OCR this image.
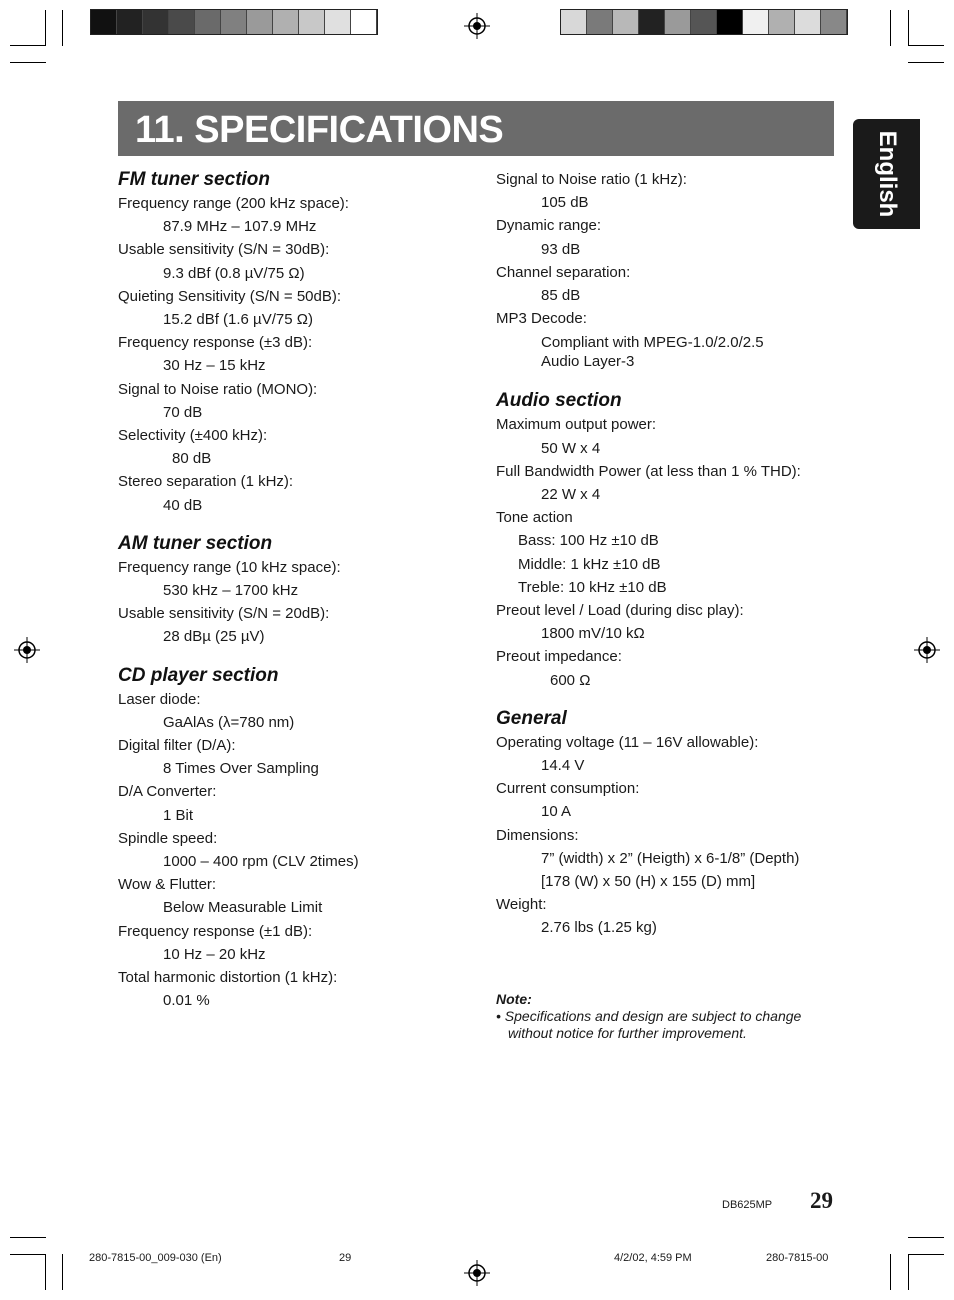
11. SPECIFICATIONS
English
FM tuner section
Frequency range (200 kHz space):
87.9 MHz – 107.9 MHz
Usable sensitivity (S/N = 30dB):
9.3 dBf (0.8 µV/75 Ω)
Quieting Sensitivity (S/N = 50dB):
15.2 dBf (1.6 µV/75 Ω)
Frequency response (±3 dB):
30 Hz – 15 kHz
Signal to Noise ratio (MONO):
70 dB
Selectivity (±400 kHz):
80 dB
Stereo separation (1 kHz):
40 dB
AM tuner section
Frequency range (10 kHz space):
530 kHz – 1700 kHz
Usable sensitivity (S/N = 20dB):
28 dBµ (25 µV)
CD player section
Laser diode:
GaAlAs (λ=780 nm)
Digital filter (D/A):
8 Times Over Sampling
D/A Converter:
1 Bit
Spindle speed:
1000 – 400 rpm (CLV 2times)
Wow & Flutter:
Below Measurable Limit
Frequency response (±1 dB):
10 Hz – 20 kHz
Total harmonic distortion (1 kHz):
0.01 %
Signal to Noise ratio (1 kHz):
105 dB
Dynamic range:
93 dB
Channel separation:
85 dB
MP3 Decode:
Compliant with MPEG-1.0/2.0/2.5
Audio Layer-3
Audio section
Maximum output power:
50 W x 4
Full Bandwidth Power (at less than 1 % THD):
22 W x 4
Tone action
Bass: 100 Hz ±10 dB
Middle: 1 kHz ±10 dB
Treble: 10 kHz ±10 dB
Preout level / Load (during disc play):
1800 mV/10 kΩ
Preout impedance:
600 Ω
General
Operating voltage (11 – 16V allowable):
14.4 V
Current consumption:
10 A
Dimensions:
7” (width) x 2” (Heigth) x 6-1/8” (Depth)
[178 (W) x 50 (H) x 155 (D) mm]
Weight:
2.76 lbs (1.25 kg)
Note:
• Specifications and design are subject to change without notice for further improvement.
DB625MP 29
280-7815-00_009-030 (En)	29	4/2/02, 4:59 PM	280-7815-00
